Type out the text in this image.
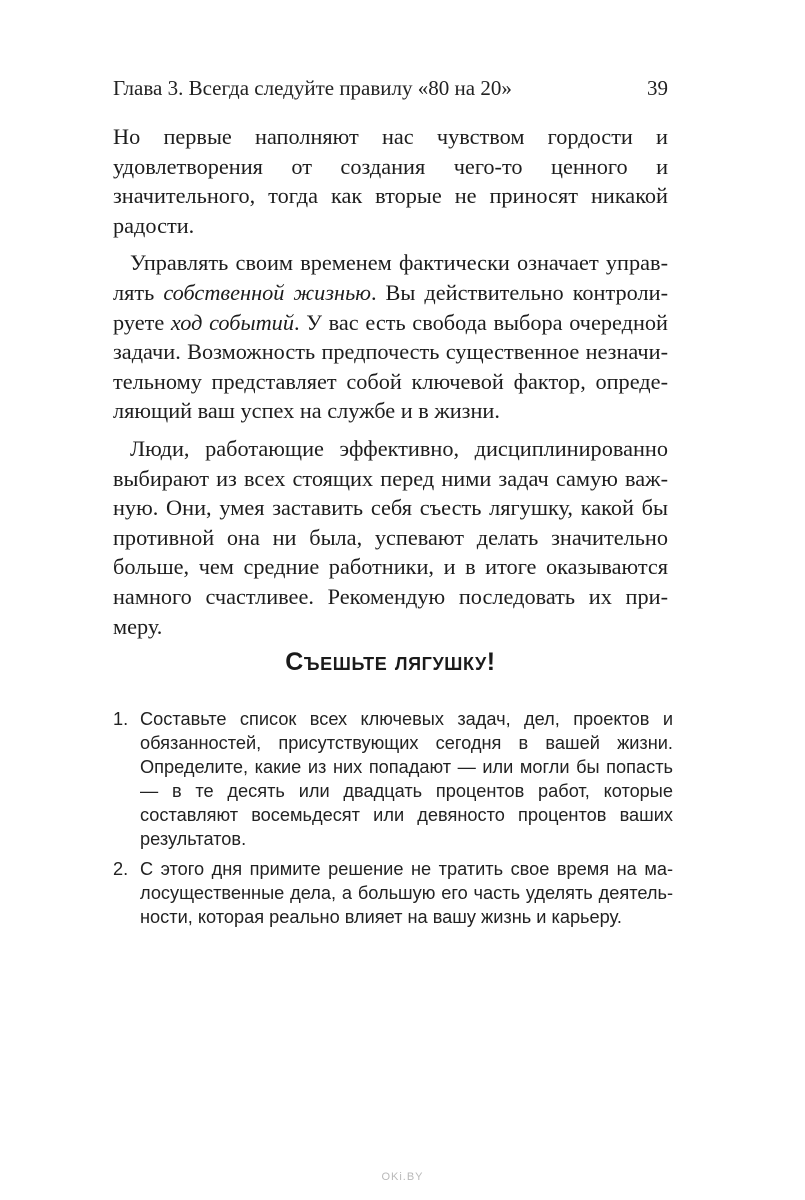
Глава 3. Всегда следуйте правилу «80 на 20»	39

Но первые наполняют нас чувством гордости и удовлетворения от создания чего-то ценного и значительного, тогда как вторые не приносят никакой радости.

Управлять своим временем фактически означает управлять собственной жизнью. Вы действительно контролируете ход событий. У вас есть свобода выбора очередной задачи. Возможность предпочесть существенное незначительному представляет собой ключевой фактор, определяющий ваш успех на службе и в жизни.

Люди, работающие эффективно, дисциплинированно выбирают из всех стоящих перед ними задач самую важную. Они, умея заставить себя съесть лягушку, какой бы противной она ни была, успевают делать значительно больше, чем средние работники, и в итоге оказываются намного счастливее. Рекомендую последовать их примеру.

Съешьте лягушку!
1. Составьте список всех ключевых задач, дел, проектов и обязанностей, присутствующих сегодня в вашей жизни. Определите, какие из них попадают — или могли бы попасть — в те десять или двадцать процентов работ, которые составляют восемьдесят или девяносто процентов ваших результатов.
2. С этого дня примите решение не тратить свое время на малосущественные дела, а большую его часть уделять деятельности, которая реально влияет на вашу жизнь и карьеру.
OKi.BY
